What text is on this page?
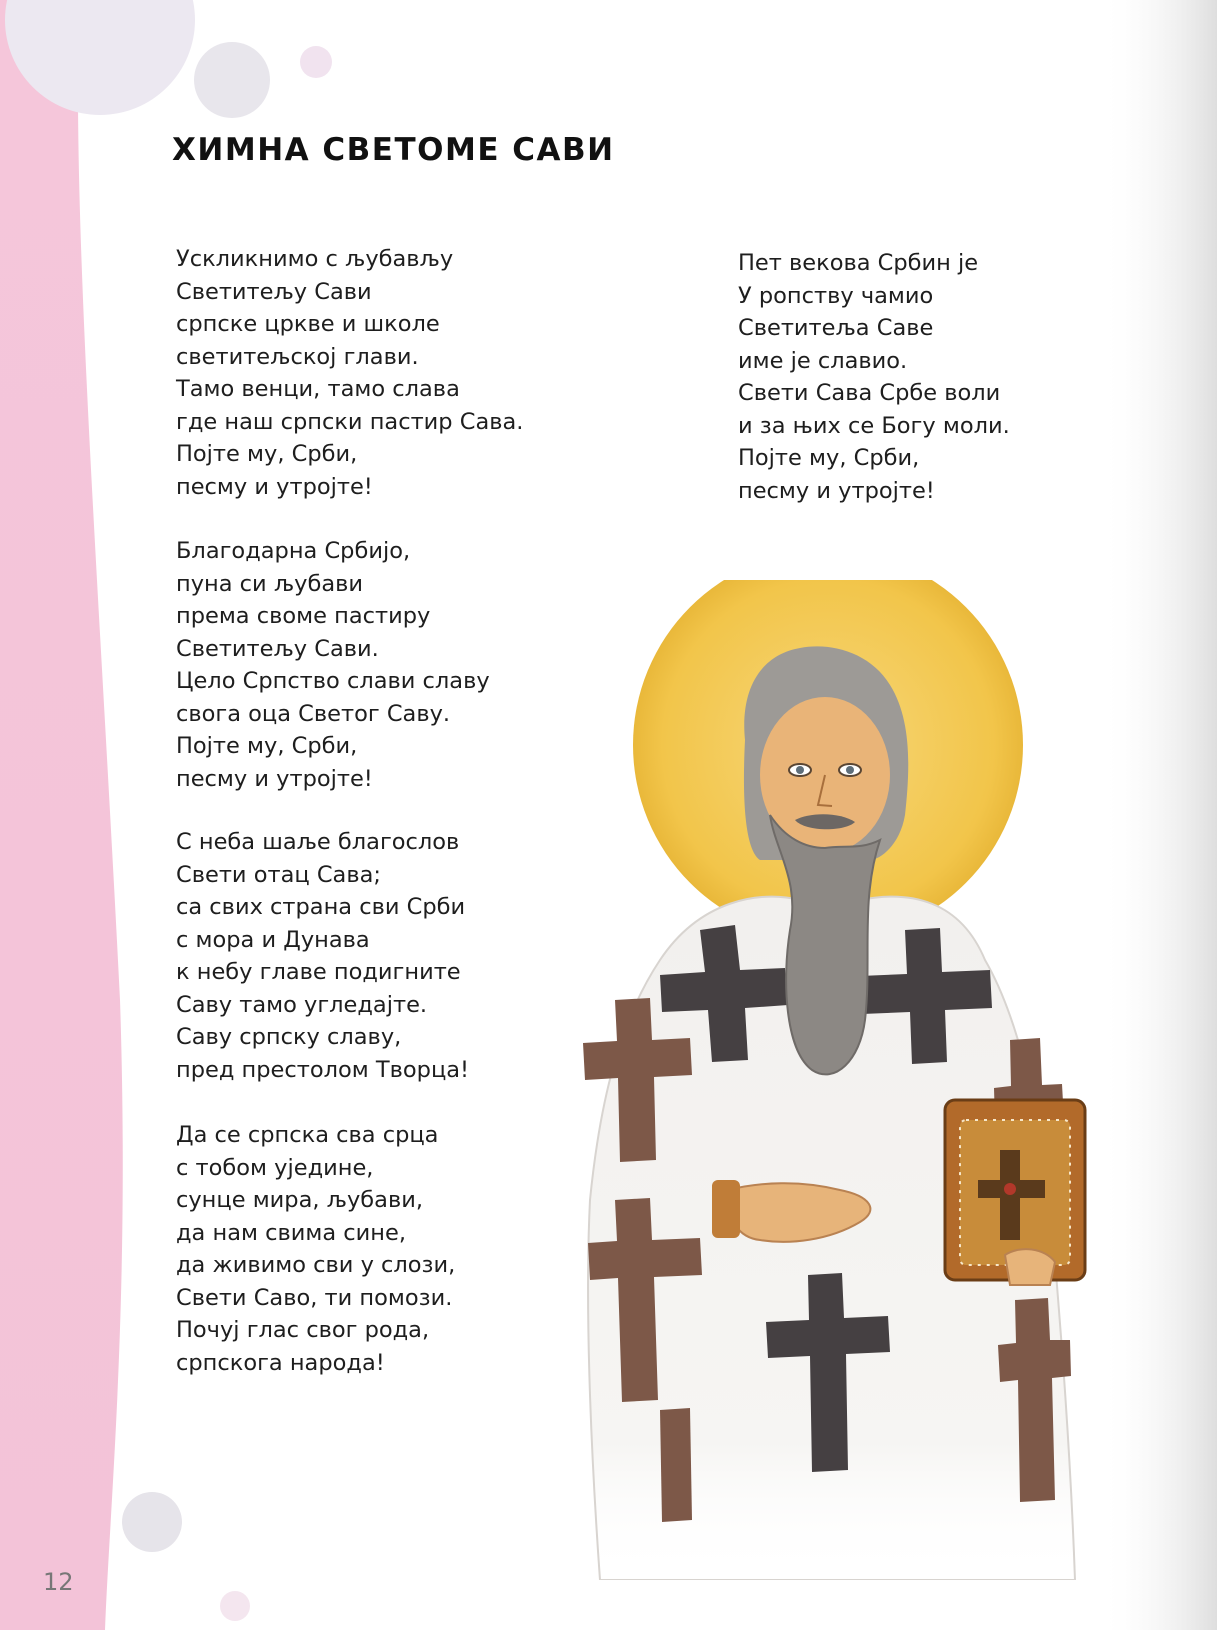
ХИМНА СВЕТОМЕ САВИ
Ускликнимо с љубављу
Светитељу Сави
српске цркве и школе
светитељској глави.
Тамо венци, тамо слава
где наш српски пастир Сава.
Појте му, Срби,
песму и утројте!
Благодарна Србијо,
пуна си љубави
према своме пастиру
Светитељу Сави.
Цело Српство слави славу
свога оца Светог Саву.
Појте му, Срби,
песму и утројте!
С неба шаље благослов
Свети отац Сава;
са свих страна сви Срби
с мора и Дунава
к небу главе подигните
Саву тамо угледајте.
Саву српску славу,
пред престолом Творца!
Да се српска сва срца
с тобом уједине,
сунце мира, љубави,
да нам свима сине,
да живимо сви у слози,
Свети Саво, ти помози.
Почуј глас свог рода,
српскога народа!
Пет векова Србин је
У ропству чамио
Светитеља Саве
име је славио.
Свети Сава Србе воли
и за њих се Богу моли.
Појте му, Срби,
песму и утројте!
12
